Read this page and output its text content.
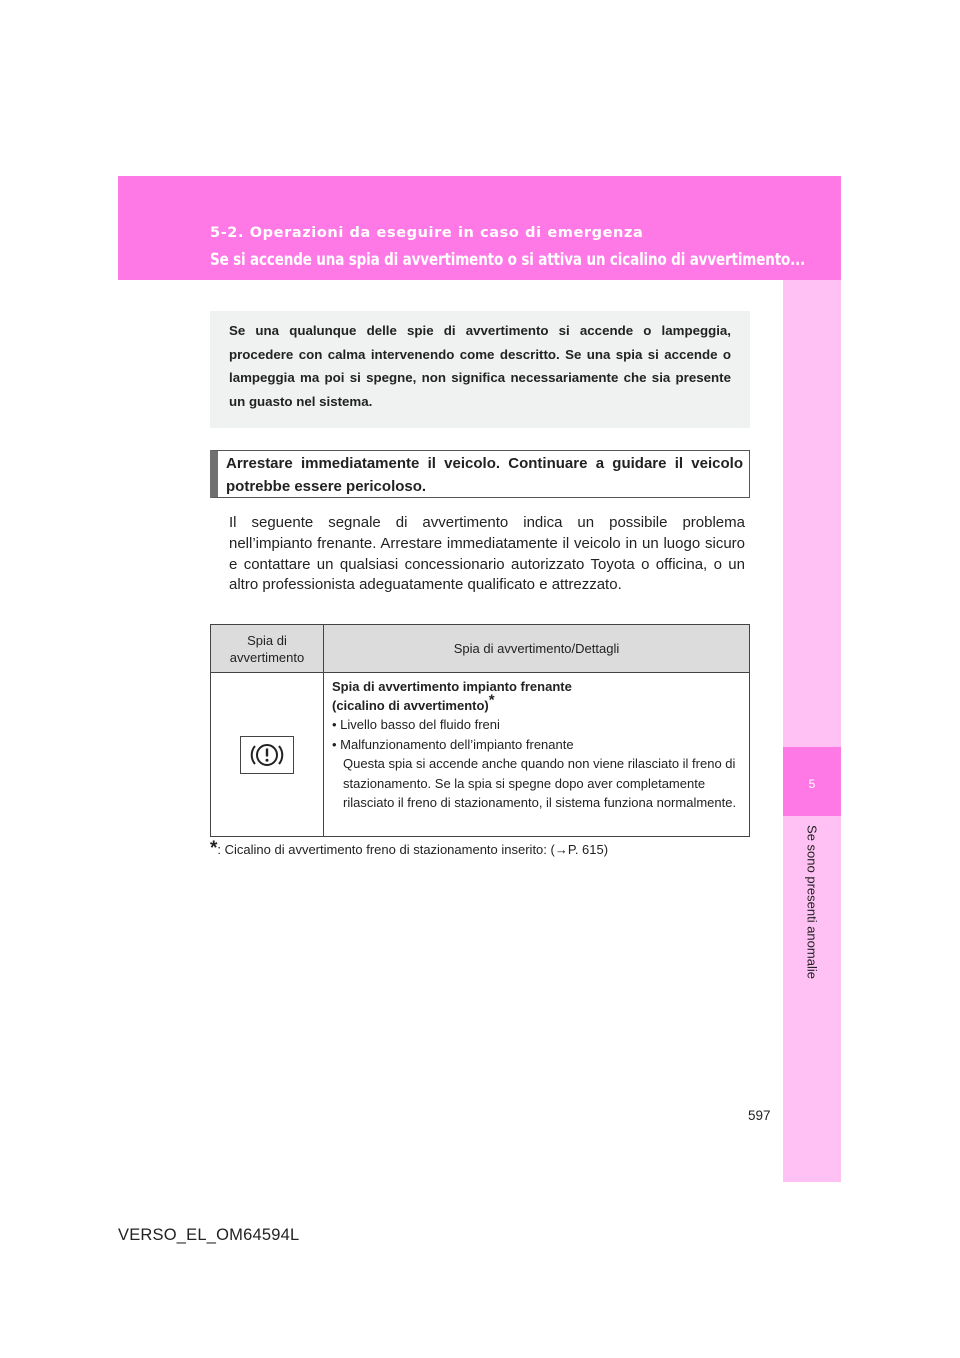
5-2. Operazioni da eseguire in caso di emergenza
Se si accende una spia di avvertimento o si attiva un cicalino di avvertimento...
5
Se sono presenti anomalie

Se una qualunque delle spie di avvertimento si accende o lampeggia, procedere con calma intervenendo come descritto. Se una spia si accende o lampeggia ma poi si spegne, non significa necessariamente che sia presente un guasto nel sistema.

Arrestare immediatamente il veicolo. Continuare a guidare il veicolo potrebbe essere pericoloso.

Il seguente segnale di avvertimento indica un possibile problema nell’impianto frenante. Arrestare immediatamente il veicolo in un luogo sicuro e contattare un qualsiasi concessionario autorizzato Toyota o officina, o un altro professionista adeguatamente qualificato e attrezzato.

Spia di avvertimento	Spia di avvertimento/Dettagli

Spia di avvertimento impianto frenante
(cicalino di avvertimento)*
• Livello basso del fluido freni
• Malfunzionamento dell’impianto frenante
Questa spia si accende anche quando non viene rilasciato il freno di stazionamento. Se la spia si spegne dopo aver completamente rilasciato il freno di stazionamento, il sistema funziona normalmente.
*: Cicalino di avvertimento freno di stazionamento inserito: (→P. 615)
597
VERSO_EL_OM64594L
